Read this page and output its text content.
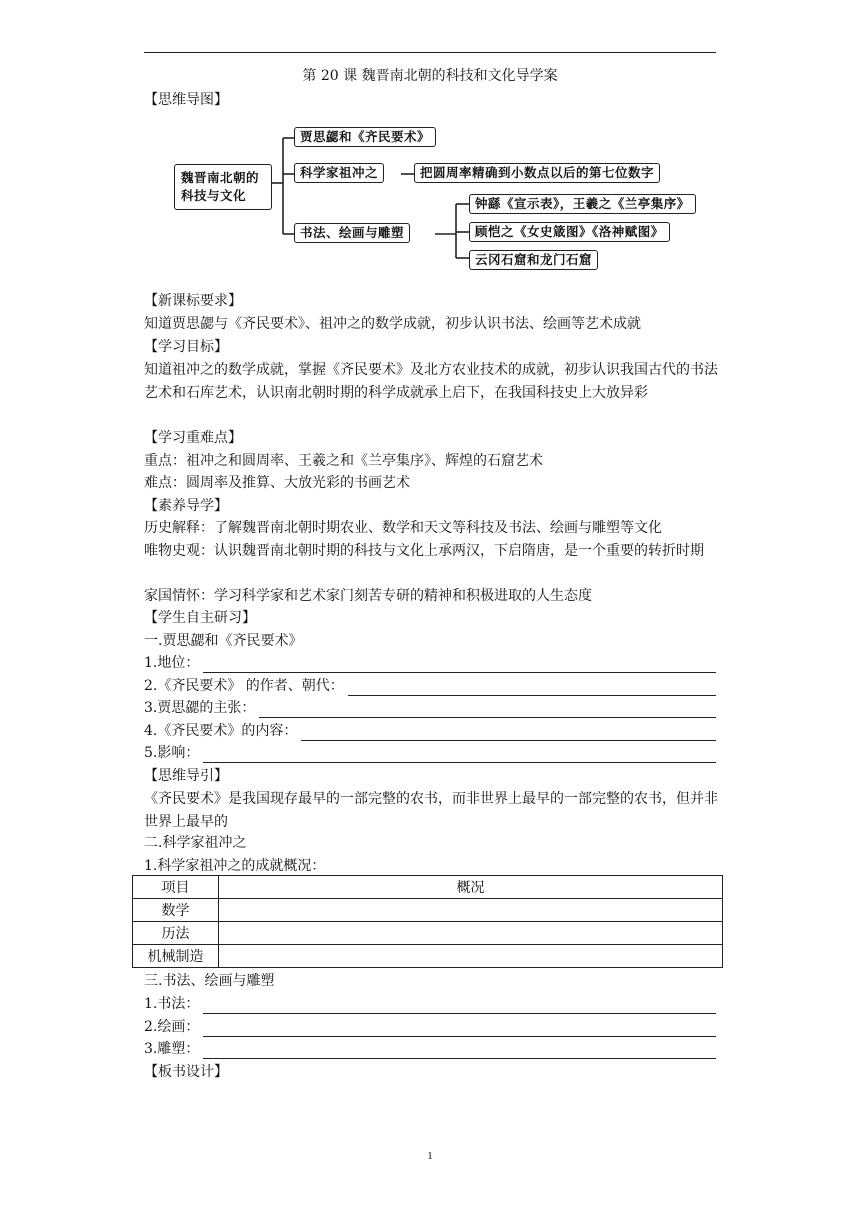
第 20 课 魏晋南北朝的科技和文化导学案
【思维导图】
魏晋南北朝的科技与文化
贾思勰和《齐民要术》
科学家祖冲之	把圆周率精确到小数点以后的第七位数字
书法、绘画与雕塑
钟繇《宣示表》，王羲之《兰亭集序》
顾恺之《女史箴图》《洛神赋图》
云冈石窟和龙门石窟
【新课标要求】
知道贾思勰与《齐民要术》、祖冲之的数学成就，初步认识书法、绘画等艺术成就
【学习目标】
知道祖冲之的数学成就，掌握《齐民要术》及北方农业技术的成就，初步认识我国古代的书法艺术和石库艺术，认识南北朝时期的科学成就承上启下，在我国科技史上大放异彩
【学习重难点】
重点：祖冲之和圆周率、王羲之和《兰亭集序》、辉煌的石窟艺术
难点：圆周率及推算、大放光彩的书画艺术
【素养导学】
历史解释：了解魏晋南北朝时期农业、数学和天文等科技及书法、绘画与雕塑等文化
唯物史观：认识魏晋南北朝时期的科技与文化上承两汉，下启隋唐，是一个重要的转折时期
家国情怀：学习科学家和艺术家门刻苦专研的精神和积极进取的人生态度
【学生自主研习】
一.贾思勰和《齐民要术》
1.地位：
2.《齐民要术》 的作者、朝代：
3.贾思勰的主张：
4.《齐民要术》的内容：
5.影响：
【思维导引】
《齐民要术》是我国现存最早的一部完整的农书，而非世界上最早的一部完整的农书，但并非世界上最早的
二.科学家祖冲之
1.科学家祖冲之的成就概况：
项目	概况
数学	
历法	
机械制造	
三.书法、绘画与雕塑
1.书法：
2.绘画：
3.雕塑：
【板书设计】
1
